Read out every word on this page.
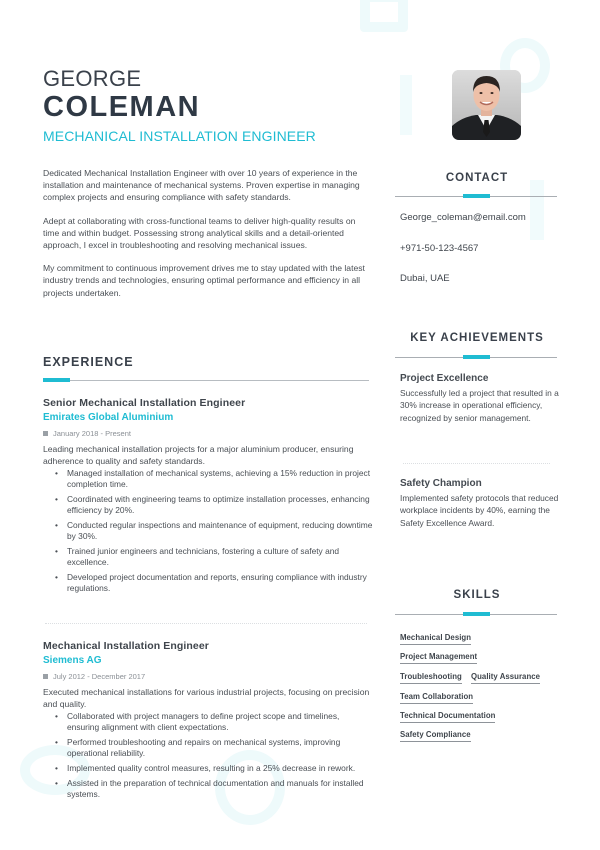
GEORGE
COLEMAN
MECHANICAL INSTALLATION ENGINEER

Dedicated Mechanical Installation Engineer with over 10 years of experience in the installation and maintenance of mechanical systems. Proven expertise in managing complex projects and ensuring compliance with safety standards.

Adept at collaborating with cross-functional teams to deliver high-quality results on time and within budget. Possessing strong analytical skills and a detail-oriented approach, I excel in troubleshooting and resolving mechanical issues.

My commitment to continuous improvement drives me to stay updated with the latest industry trends and technologies, ensuring optimal performance and efficiency in all projects undertaken.

EXPERIENCE
Senior Mechanical Installation Engineer
Emirates Global Aluminium
January 2018 - Present
Leading mechanical installation projects for a major aluminium producer, ensuring adherence to quality and safety standards.
• Managed installation of mechanical systems, achieving a 15% reduction in project completion time.
• Coordinated with engineering teams to optimize installation processes, enhancing efficiency by 20%.
• Conducted regular inspections and maintenance of equipment, reducing downtime by 30%.
• Trained junior engineers and technicians, fostering a culture of safety and excellence.
• Developed project documentation and reports, ensuring compliance with industry regulations.
Mechanical Installation Engineer
Siemens AG
July 2012 - December 2017
Executed mechanical installations for various industrial projects, focusing on precision and quality.
• Collaborated with project managers to define project scope and timelines, ensuring alignment with client expectations.
• Performed troubleshooting and repairs on mechanical systems, improving operational reliability.
• Implemented quality control measures, resulting in a 25% decrease in rework.
• Assisted in the preparation of technical documentation and manuals for installed systems.
CONTACT
George_coleman@email.com
+971-50-123-4567
Dubai, UAE
KEY ACHIEVEMENTS
Project Excellence
Successfully led a project that resulted in a 30% increase in operational efficiency, recognized by senior management.
Safety Champion
Implemented safety protocols that reduced workplace incidents by 40%, earning the Safety Excellence Award.
SKILLS
Mechanical Design
Project Management
Troubleshooting Quality Assurance
Team Collaboration
Technical Documentation
Safety Compliance
